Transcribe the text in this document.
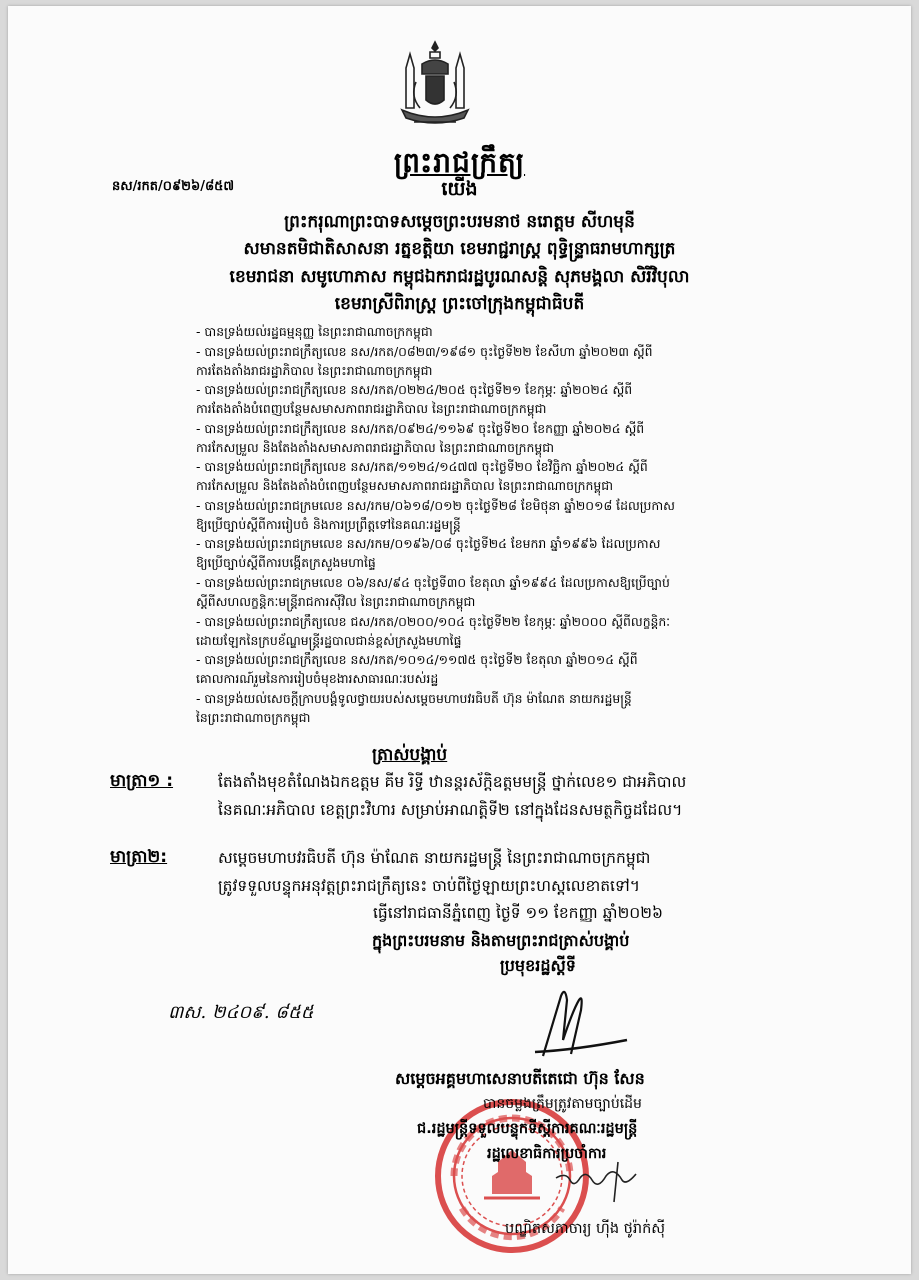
ព្រះរាជក្រឹត្យ
នស/រកត/០៩២៦/៨៥៧	យើង
ព្រះករុណាព្រះបាទសម្តេចព្រះបរមនាថ នរោត្តម សីហមុនី
សមានតមិជាតិសាសនា រត្នខត្តិយា ខេមរាជ្ជរាស្ត្រ ពុទ្ធិន្ទ្រាធរាមហាក្សត្រ
ខេមរាជនា សមូហោភាស កម្ពុជឯករាជរដ្ឋបូរណសន្តិ សុភមង្គលា សិរីវិបុលា
ខេមរាស្រីពិរាស្ត្រ ព្រះចៅក្រុងកម្ពុជាធិបតី
- បានទ្រង់យល់រដ្ឋធម្មនុញ្ញ នៃព្រះរាជាណាចក្រកម្ពុជា
- បានទ្រង់យល់ព្រះរាជក្រឹត្យលេខ នស/រកត/០៨២៣/១៩៨១ ចុះថ្ងៃទី២២ ខែសីហា ឆ្នាំ២០២៣ ស្តីពី
ការតែងតាំងរាជរដ្ឋាភិបាល នៃព្រះរាជាណាចក្រកម្ពុជា
- បានទ្រង់យល់ព្រះរាជក្រឹត្យលេខ នស/រកត/០២២៤/២០៥ ចុះថ្ងៃទី២១ ខែកុម្ភៈ ឆ្នាំ២០២៤ ស្តីពី
ការតែងតាំងបំពេញបន្ថែមសមាសភាពរាជរដ្ឋាភិបាល នៃព្រះរាជាណាចក្រកម្ពុជា
- បានទ្រង់យល់ព្រះរាជក្រឹត្យលេខ នស/រកត/០៩២៤/១១៦៩ ចុះថ្ងៃទី២០ ខែកញ្ញា ឆ្នាំ២០២៤ ស្តីពី
ការកែសម្រួល និងតែងតាំងសមាសភាពរាជរដ្ឋាភិបាល នៃព្រះរាជាណាចក្រកម្ពុជា
- បានទ្រង់យល់ព្រះរាជក្រឹត្យលេខ នស/រកត/១១២៤/១៤៧៧ ចុះថ្ងៃទី២០ ខែវិច្ឆិកា ឆ្នាំ២០២៤ ស្តីពី
ការកែសម្រួល និងតែងតាំងបំពេញបន្ថែមសមាសភាពរាជរដ្ឋាភិបាល នៃព្រះរាជាណាចក្រកម្ពុជា
- បានទ្រង់យល់ព្រះរាជក្រមលេខ នស/រកម/០៦១៨/០១២ ចុះថ្ងៃទី២៨ ខែមិថុនា ឆ្នាំ២០១៨ ដែលប្រកាស
ឱ្យប្រើច្បាប់ស្តីពីការរៀបចំ និងការប្រព្រឹត្តទៅនៃគណៈរដ្ឋមន្ត្រី
- បានទ្រង់យល់ព្រះរាជក្រមលេខ នស/រកម/០១៩៦/០៨ ចុះថ្ងៃទី២៤ ខែមករា ឆ្នាំ១៩៩៦ ដែលប្រកាស
ឱ្យប្រើច្បាប់ស្តីពីការបង្កើតក្រសួងមហាផ្ទៃ
- បានទ្រង់យល់ព្រះរាជក្រមលេខ ០៦/នស/៩៤ ចុះថ្ងៃទី៣០ ខែតុលា ឆ្នាំ១៩៩៤ ដែលប្រកាសឱ្យប្រើច្បាប់
ស្តីពីសហលក្ខន្តិកៈមន្ត្រីរាជការស៊ីវិល នៃព្រះរាជាណាចក្រកម្ពុជា
- បានទ្រង់យល់ព្រះរាជក្រឹត្យលេខ ជស/រកត/០២០០/១០៤ ចុះថ្ងៃទី២២ ខែកុម្ភៈ ឆ្នាំ២០០០ ស្តីពីលក្ខន្តិកៈ
ដោយឡែកនៃក្របខ័ណ្ឌមន្ត្រីរដ្ឋបាលជាន់ខ្ពស់ក្រសួងមហាផ្ទៃ
- បានទ្រង់យល់ព្រះរាជក្រឹត្យលេខ នស/រកត/១០១៤/១១៧៥ ចុះថ្ងៃទី២ ខែតុលា ឆ្នាំ២០១៤ ស្តីពី
គោលការណ៍រួមនៃការរៀបចំមុខងារសាធារណៈរបស់រដ្ឋ
- បានទ្រង់យល់សេចក្តីក្រាបបង្គំទូលថ្វាយរបស់សម្តេចមហាបវរធិបតី ហ៊ុន ម៉ាណែត នាយករដ្ឋមន្ត្រី
នៃព្រះរាជាណាចក្រកម្ពុជា
ត្រាស់បង្គាប់
មាត្រា១ :	តែងតាំងមុខតំណែងឯកឧត្តម គីម រិទ្ធី ឋានន្តរស័ក្តិឧត្តមមន្ត្រី ថ្នាក់លេខ១ ជាអភិបាល
នៃគណៈអភិបាល ខេត្តព្រះវិហារ សម្រាប់អាណត្តិទី២ នៅក្នុងដែនសមត្ថកិច្ចដដែល។
មាត្រា២:	សម្តេចមហាបវរធិបតី ហ៊ុន ម៉ាណែត នាយករដ្ឋមន្ត្រី នៃព្រះរាជាណាចក្រកម្ពុជា
ត្រូវទទួលបន្ទុកអនុវត្តព្រះរាជក្រឹត្យនេះ ចាប់ពីថ្ងៃឡាយព្រះហស្តលេខាតទៅ។
ធ្វើនៅរាជធានីភ្នំពេញ ថ្ងៃទី ១១ ខែកញ្ញា ឆ្នាំ២០២៦
ក្នុងព្រះបរមនាម និងតាមព្រះរាជត្រាស់បង្គាប់
ប្រមុខរដ្ឋស្តីទី
៣ស. ២៤០៩. ៨៥៥
សម្តេចអគ្គមហាសេនាបតីតេជោ ហ៊ុន សែន
បានចម្លងត្រឹមត្រូវតាមច្បាប់ដើម
ជ.រដ្ឋមន្ត្រីទទួលបន្ទុកទីស្តីការគណៈរដ្ឋមន្ត្រី
រដ្ឋលេខាធិការប្រចាំការ
បណ្ឌិតសភាចារ្យ ហ៊ីង ថូរ៉ាក់ស៊ី
